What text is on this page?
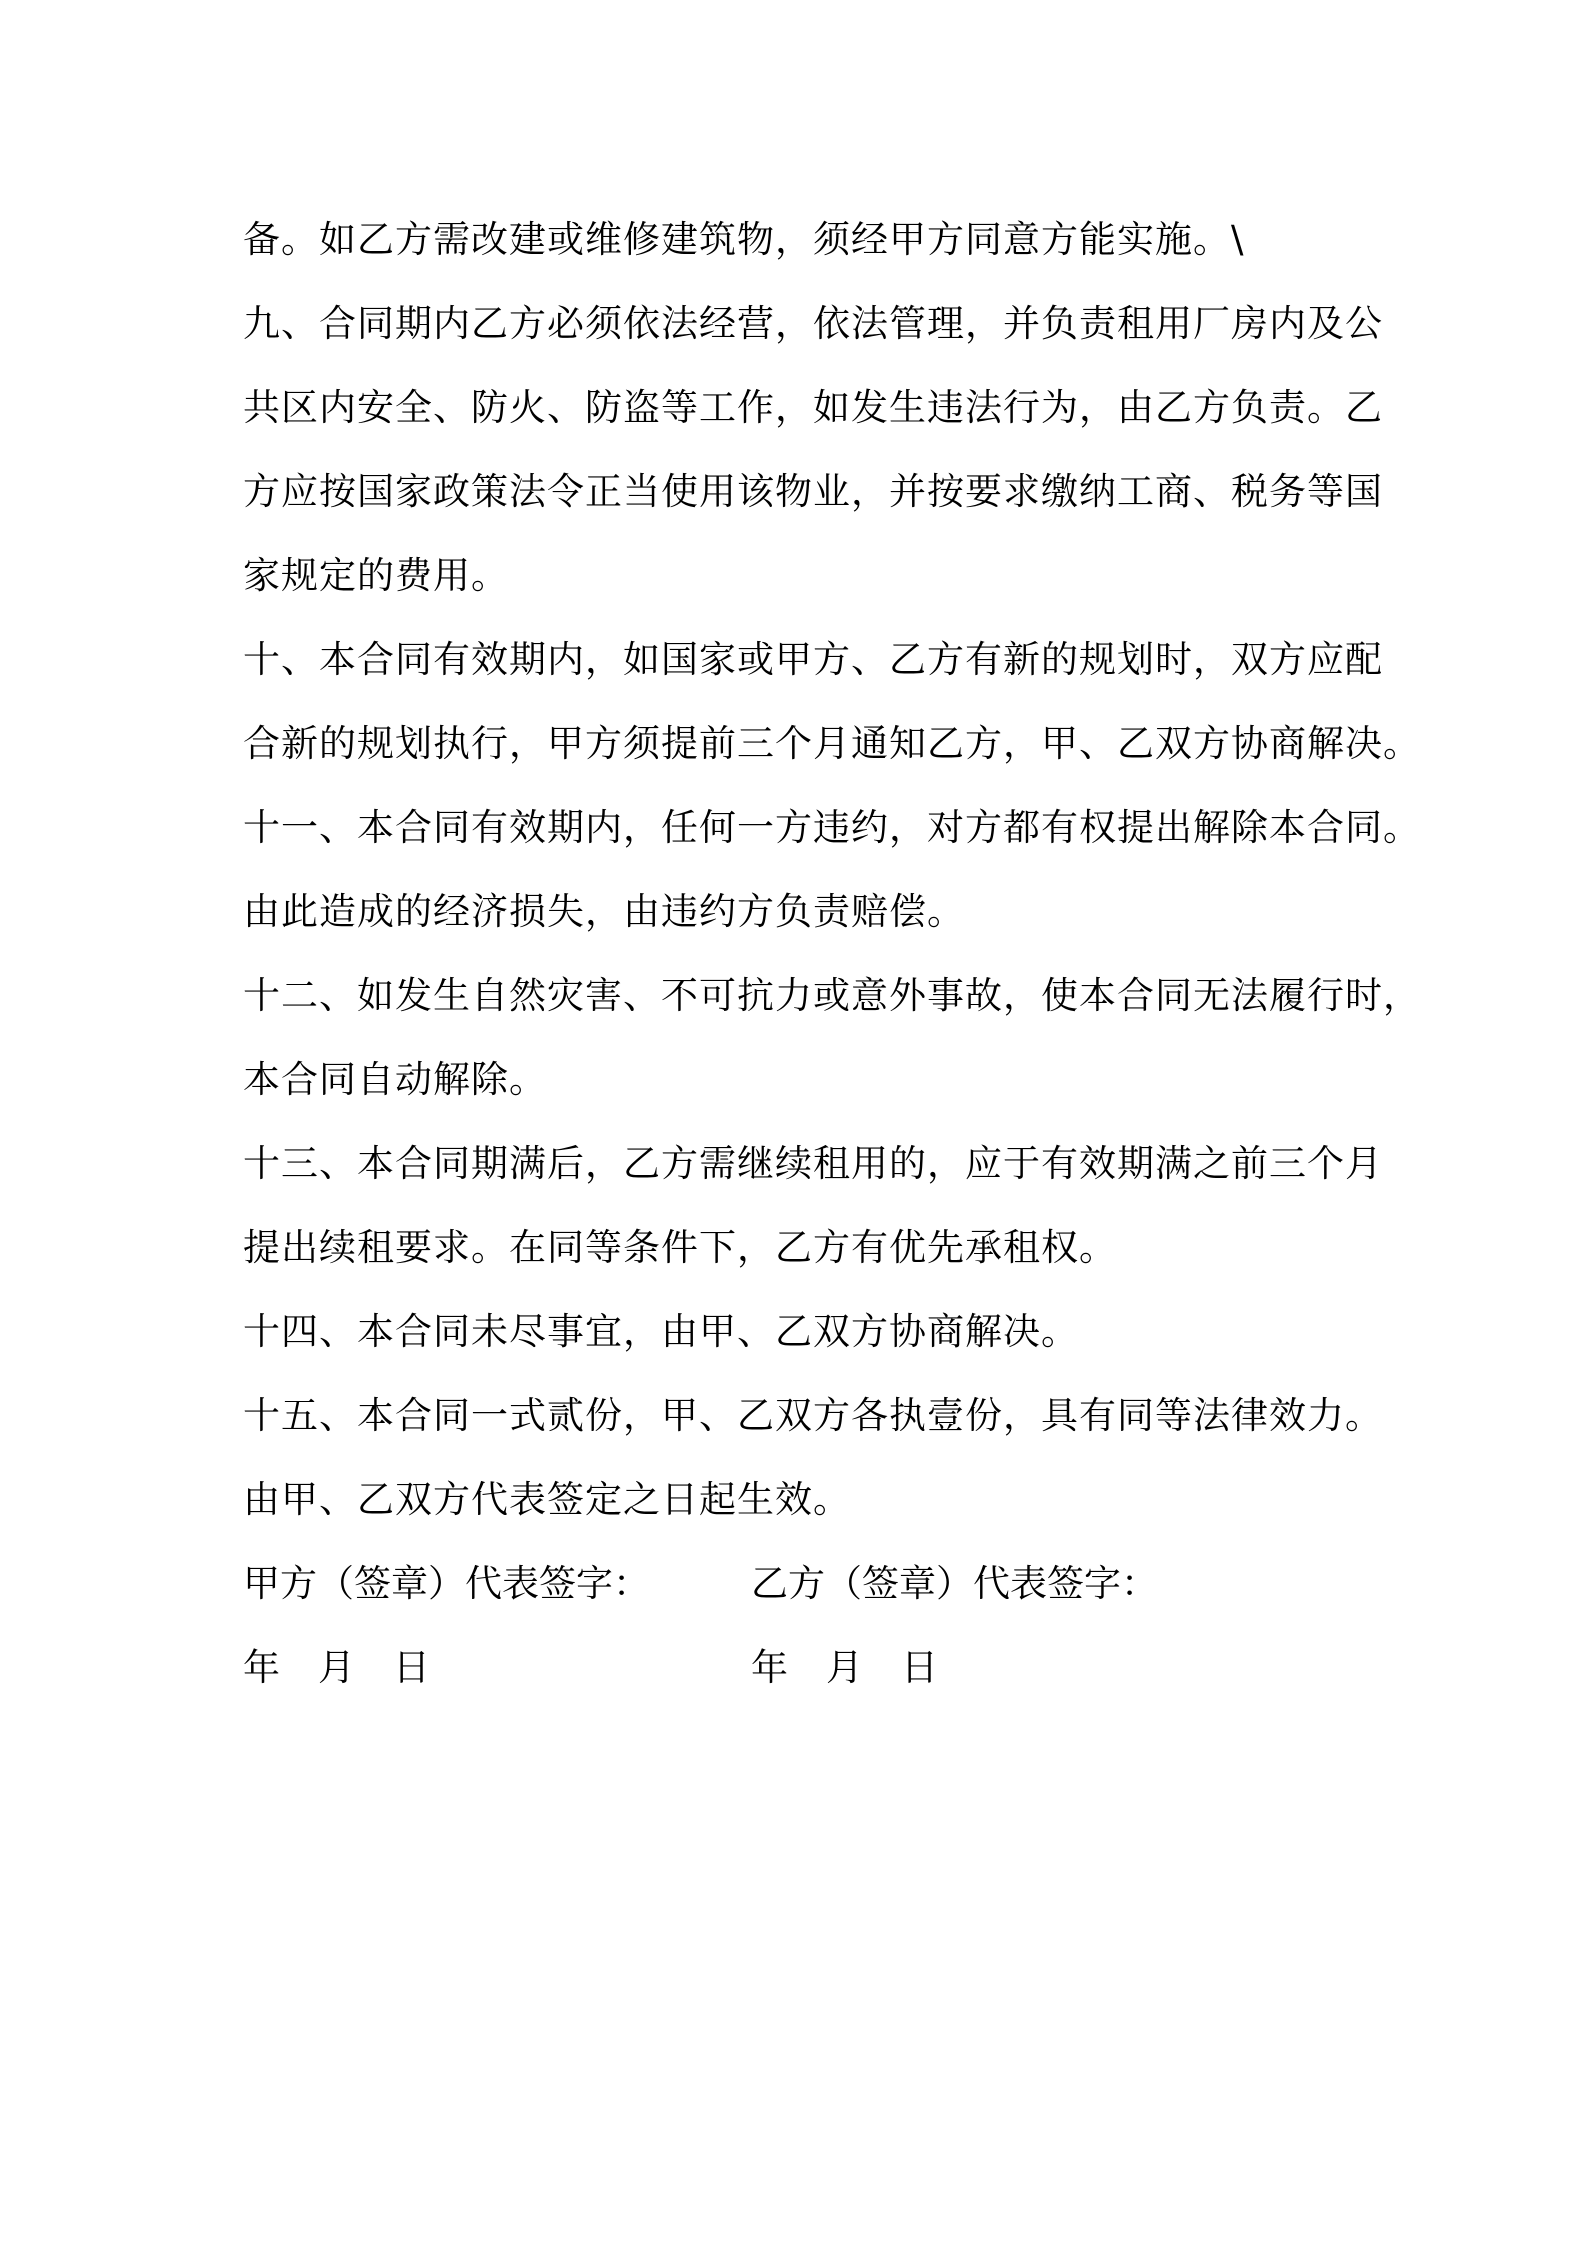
备。如乙方需改建或维修建筑物，须经甲方同意方能实施。\
九、合同期内乙方必须依法经营，依法管理，并负责租用厂房内及公
共区内安全、防火、防盗等工作，如发生违法行为，由乙方负责。乙
方应按国家政策法令正当使用该物业，并按要求缴纳工商、税务等国
家规定的费用。
十、本合同有效期内，如国家或甲方、乙方有新的规划时，双方应配
合新的规划执行，甲方须提前三个月通知乙方，甲、乙双方协商解决。
十一、本合同有效期内，任何一方违约，对方都有权提出解除本合同。
由此造成的经济损失，由违约方负责赔偿。
十二、如发生自然灾害、不可抗力或意外事故，使本合同无法履行时，
本合同自动解除。
十三、本合同期满后，乙方需继续租用的，应于有效期满之前三个月
提出续租要求。在同等条件下，乙方有优先承租权。
十四、本合同未尽事宜，由甲、乙双方协商解决。
十五、本合同一式贰份，甲、乙双方各执壹份，具有同等法律效力。
由甲、乙双方代表签定之日起生效。
甲方（签章）代表签字：	乙方（签章）代表签字：
年 月 日	年 月 日
